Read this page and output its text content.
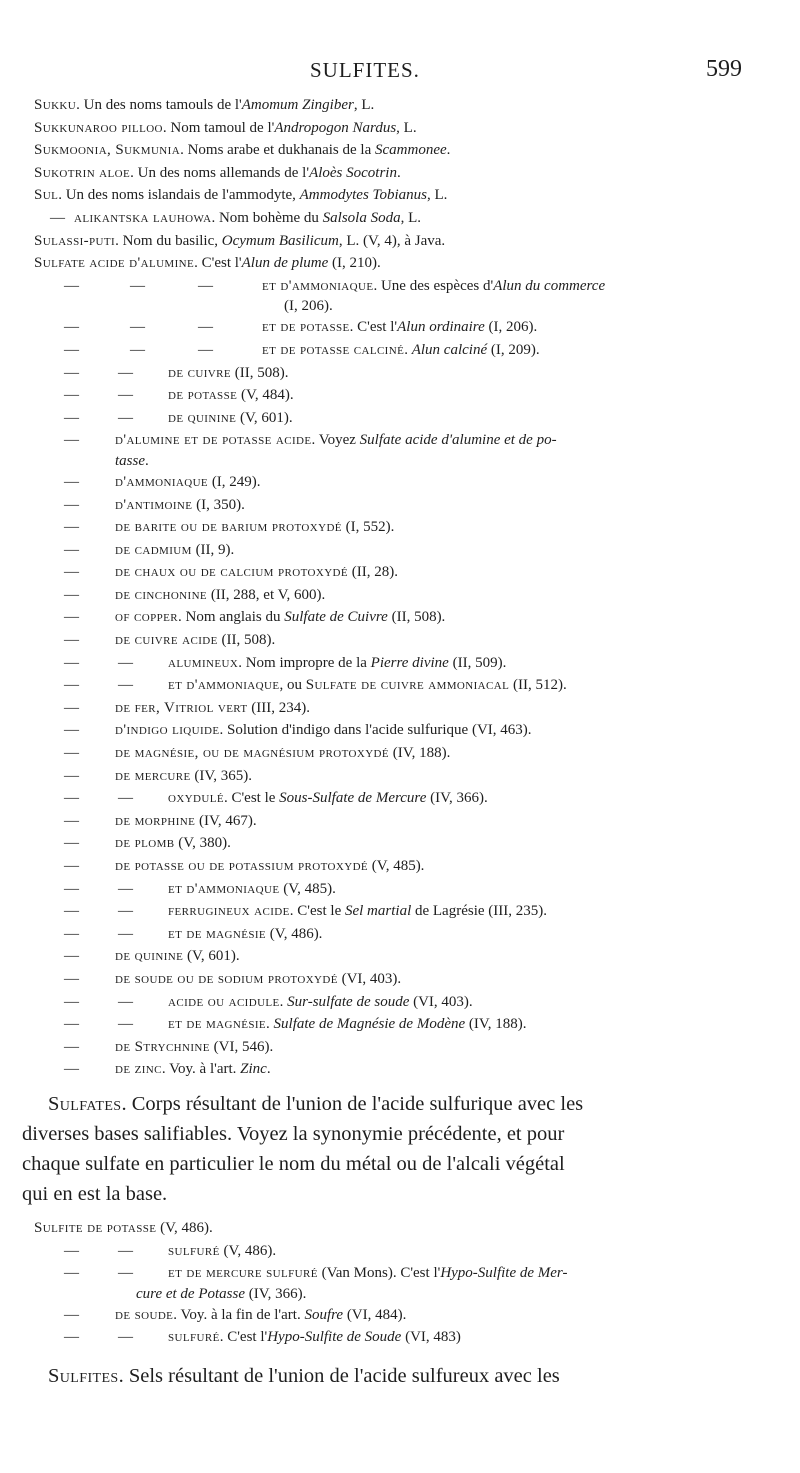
SULFITES.	599
Sukku. Un des noms tamouls de l'Amomum Zingiber, L.
Sukkunaroo pilloo. Nom tamoul de l'Andropogon Nardus, L.
Sukmoonia, Sukmunia. Noms arabe et dukhanais de la Scammonee.
Sukotrin aloe. Un des noms allemands de l'Aloès Socotrin.
Sul. Un des noms islandais de l'ammodyte, Ammodytes Tobianus, L.
— alikantska lauhowa. Nom bohème du Salsola Soda, L.
Sulassi-puti. Nom du basilic, Ocymum Basilicum, L. (V, 4), à Java.
Sulfate acide d'alumine. C'est l'Alun de plume (I, 210).
—	—	—	et d'ammoniaque. Une des espèces d'Alun du commerce
(I, 206).
—	—	—	et de potasse. C'est l'Alun ordinaire (I, 206).
—	—	—	et de potasse calciné. Alun calciné (I, 209).
—	— de cuivre (II, 508).
—	— de potasse (V, 484).
—	— de quinine (V, 601).
— d'alumine et de potasse acide. Voyez Sulfate acide d'alumine et de po-
tasse.
— d'ammoniaque (I, 249).
— d'antimoine (I, 350).
— de barite ou de barium protoxydé (I, 552).
— de cadmium (II, 9).
— de chaux ou de calcium protoxydé (II, 28).
— de cinchonine (II, 288, et V, 600).
— of copper. Nom anglais du Sulfate de Cuivre (II, 508).
— de cuivre acide (II, 508).
—	— alumineux. Nom impropre de la Pierre divine (II, 509).
—	— et d'ammoniaque, ou Sulfate de cuivre ammoniacal (II, 512).
— de fer, Vitriol vert (III, 234).
— d'indigo liquide. Solution d'indigo dans l'acide sulfurique (VI, 463).
— de magnésie, ou de magnésium protoxydé (IV, 188).
— de mercure (IV, 365).
—	— oxydulé. C'est le Sous-Sulfate de Mercure (IV, 366).
— de morphine (IV, 467).
— de plomb (V, 380).
— de potasse ou de potassium protoxydé (V, 485).
—	— et d'ammoniaque (V, 485).
—	— ferrugineux acide. C'est le Sel martial de Lagrésie (III, 235).
—	— et de magnésie (V, 486).
— de quinine (V, 601).
— de soude ou de sodium protoxydé (VI, 403).
—	— acide ou acidule. Sur-sulfate de soude (VI, 403).
—	— et de magnésie. Sulfate de Magnésie de Modène (IV, 188).
— de Strychnine (VI, 546).
— de zinc. Voy. à l'art. Zinc.
Sulfates. Corps résultant de l'union de l'acide sulfurique avec les
diverses bases salifiables. Voyez la synonymie précédente, et pour
chaque sulfate en particulier le nom du métal ou de l'alcali végétal
qui en est la base.
Sulfite de potasse (V, 486).
—	— sulfuré (V, 486).
—	— et de mercure sulfuré (Van Mons). C'est l'Hypo-Sulfite de Mer-
cure et de Potasse (IV, 366).
— de soude. Voy. à la fin de l'art. Soufre (VI, 484).
—	— sulfuré. C'est l'Hypo-Sulfite de Soude (VI, 483)
Sulfites. Sels résultant de l'union de l'acide sulfureux avec les
